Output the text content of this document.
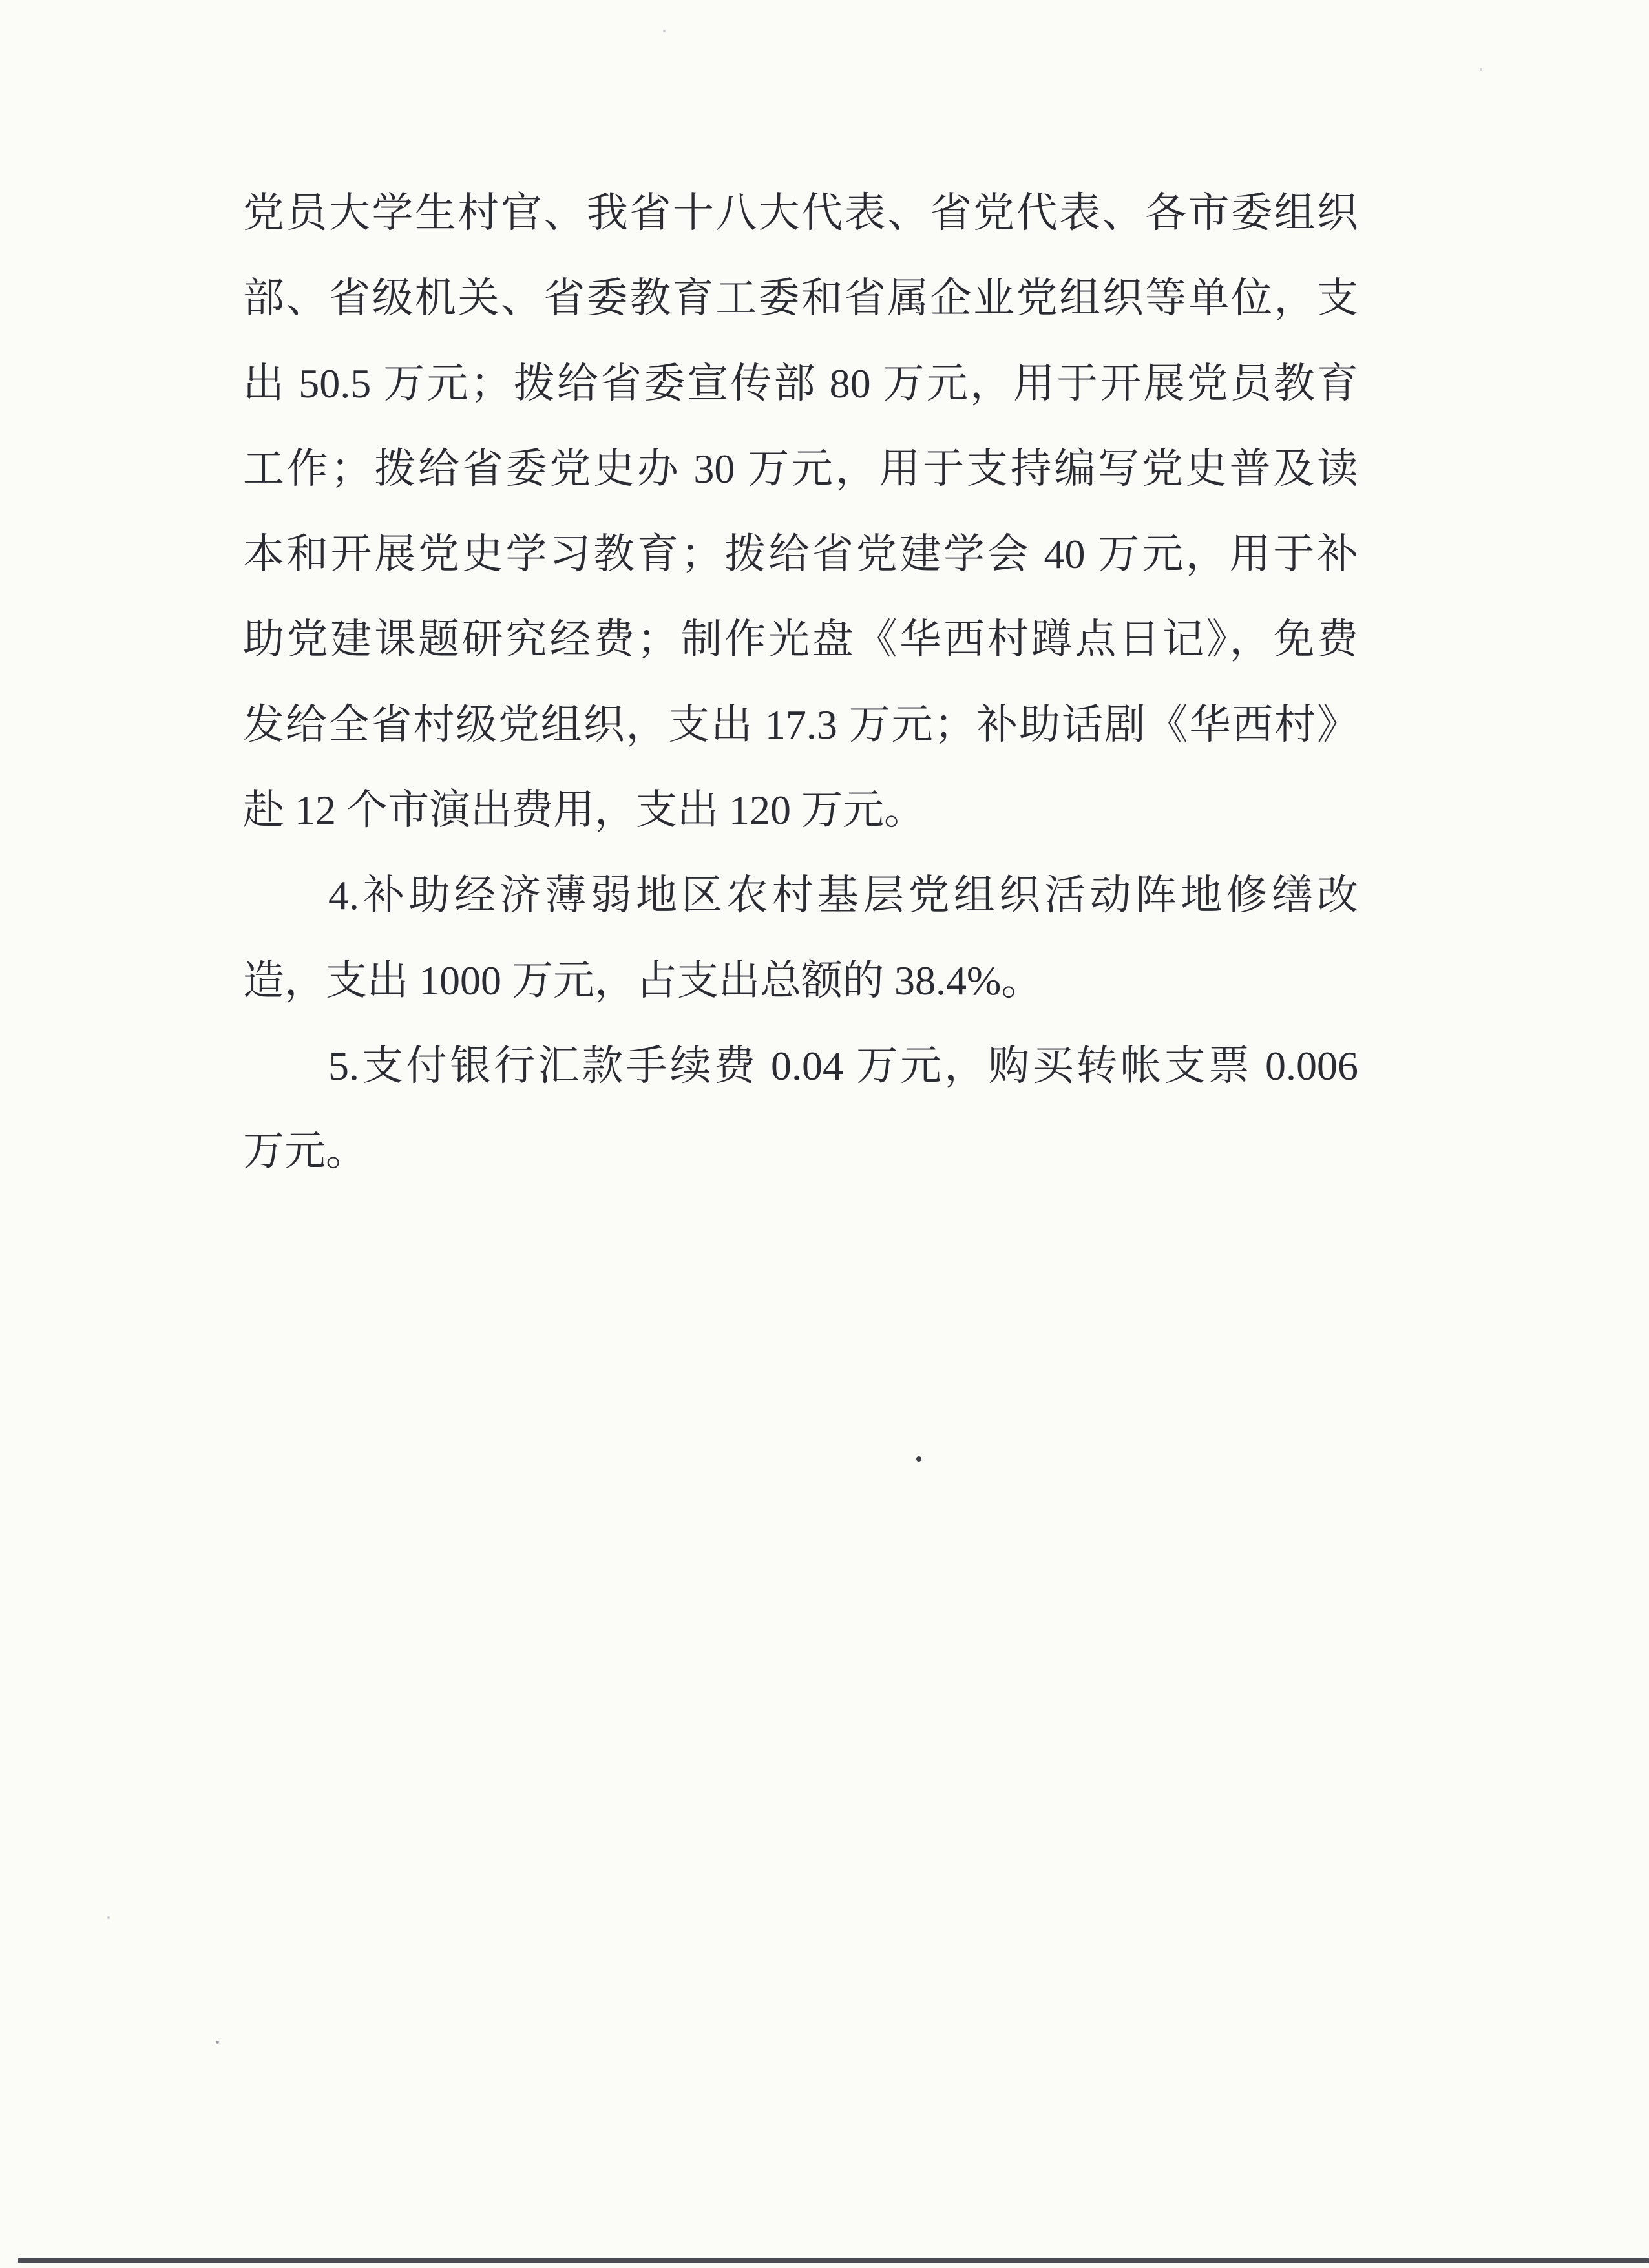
党员大学生村官、我省十八大代表、省党代表、各市委组织
部、省级机关、省委教育工委和省属企业党组织等单位，支
出 50.5 万元；拨给省委宣传部 80 万元，用于开展党员教育
工作；拨给省委党史办 30 万元，用于支持编写党史普及读
本和开展党史学习教育；拨给省党建学会 40 万元，用于补
助党建课题研究经费；制作光盘《华西村蹲点日记》，免费
发给全省村级党组织，支出 17.3 万元；补助话剧《华西村》
赴 12 个市演出费用，支出 120 万元。
4.补助经济薄弱地区农村基层党组织活动阵地修缮改
造，支出 1000 万元，占支出总额的 38.4%。
5.支付银行汇款手续费 0.04 万元，购买转帐支票 0.006
万元。
